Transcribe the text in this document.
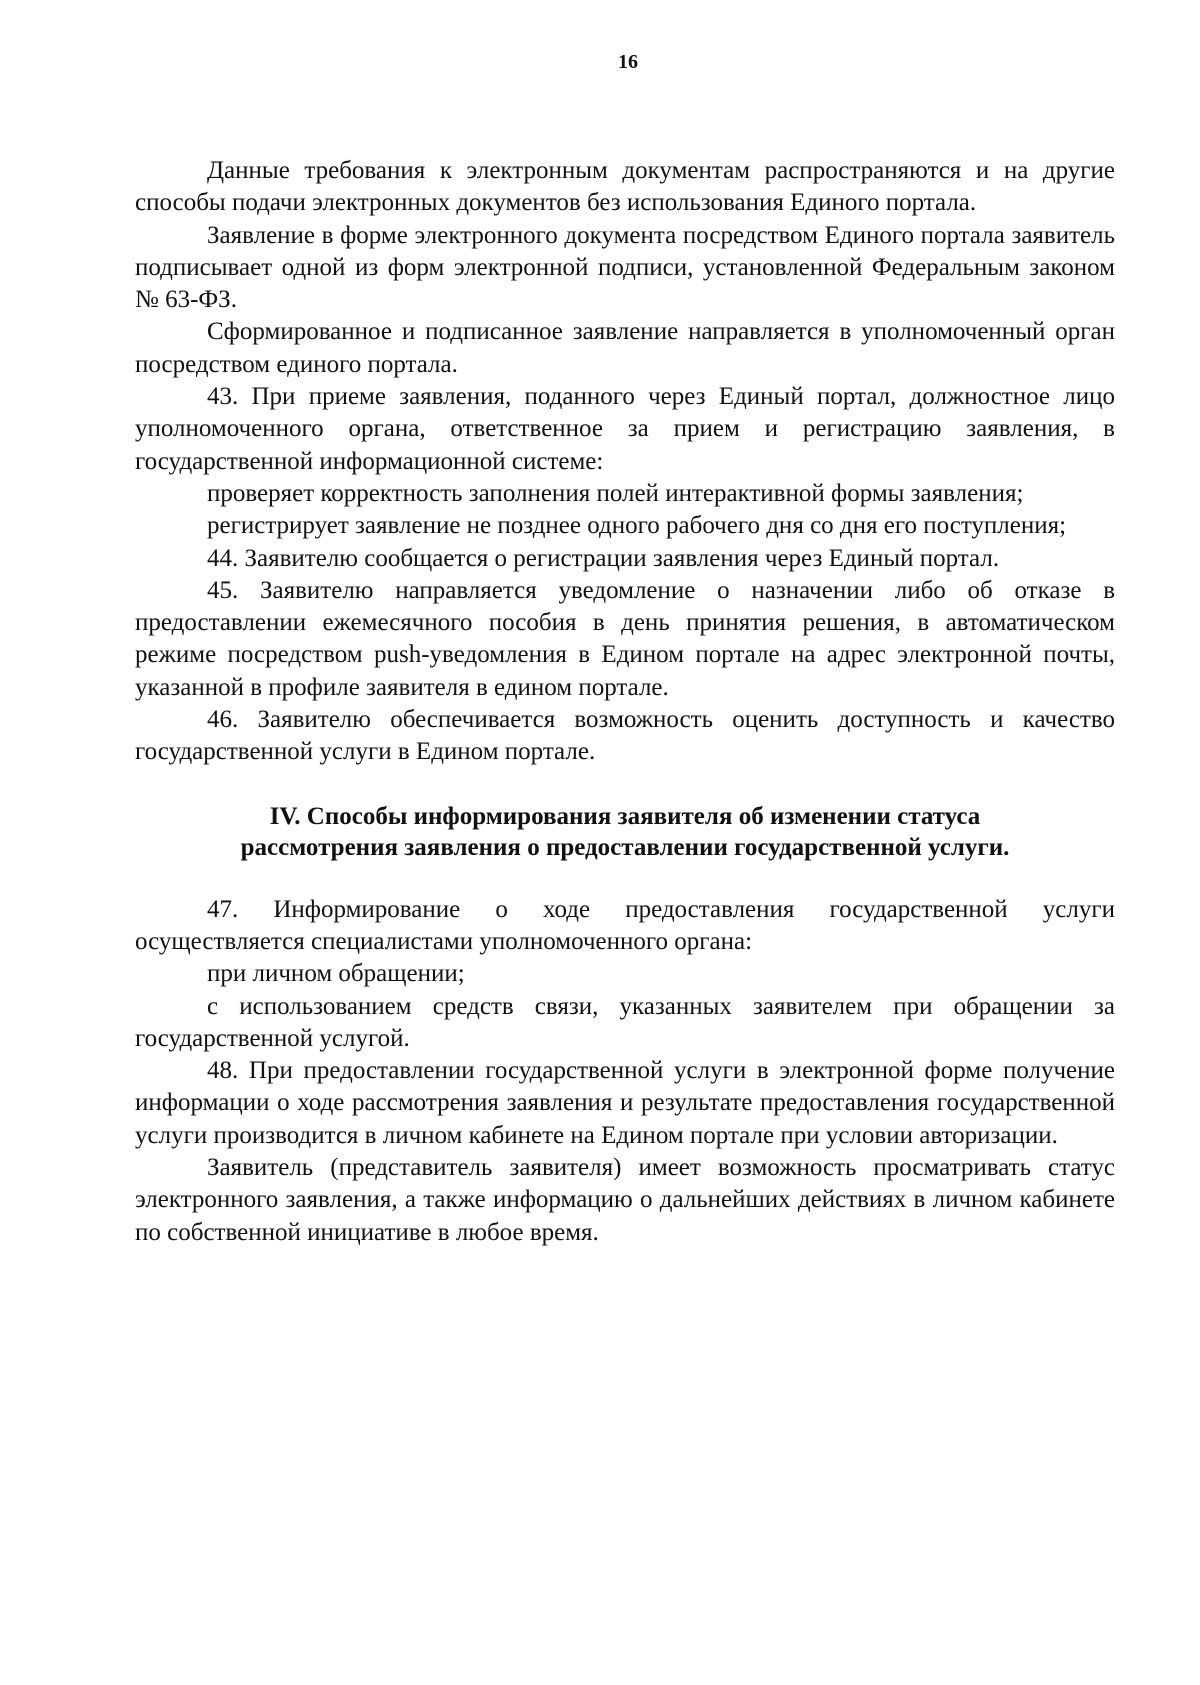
16

Данные требования к электронным документам распространяются и на другие способы подачи электронных документов без использования Единого портала.

Заявление в форме электронного документа посредством Единого портала заявитель подписывает одной из форм электронной подписи, установленной Федеральным законом № 63-ФЗ.

Сформированное и подписанное заявление направляется в уполномоченный орган посредством единого портала.

43. При приеме заявления, поданного через Единый портал, должностное лицо уполномоченного органа, ответственное за прием и регистрацию заявления, в государственной информационной системе:

проверяет корректность заполнения полей интерактивной формы заявления;

регистрирует заявление не позднее одного рабочего дня со дня его поступления;

44. Заявителю сообщается о регистрации заявления через Единый портал.

45. Заявителю направляется уведомление о назначении либо об отказе в предоставлении ежемесячного пособия в день принятия решения, в автоматическом режиме посредством push-уведомления в Едином портале на адрес электронной почты, указанной в профиле заявителя в едином портале.

46. Заявителю обеспечивается возможность оценить доступность и качество государственной услуги в Едином портале.

IV. Способы информирования заявителя об изменении статуса
рассмотрения заявления о предоставлении государственной услуги.

47. Информирование о ходе предоставления государственной услуги осуществляется специалистами уполномоченного органа:

при личном обращении;

с использованием средств связи, указанных заявителем при обращении за государственной услугой.

48. При предоставлении государственной услуги в электронной форме получение информации о ходе рассмотрения заявления и результате предоставления государственной услуги производится в личном кабинете на Едином портале при условии авторизации.

Заявитель (представитель заявителя) имеет возможность просматривать статус электронного заявления, а также информацию о дальнейших действиях в личном кабинете по собственной инициативе в любое время.
